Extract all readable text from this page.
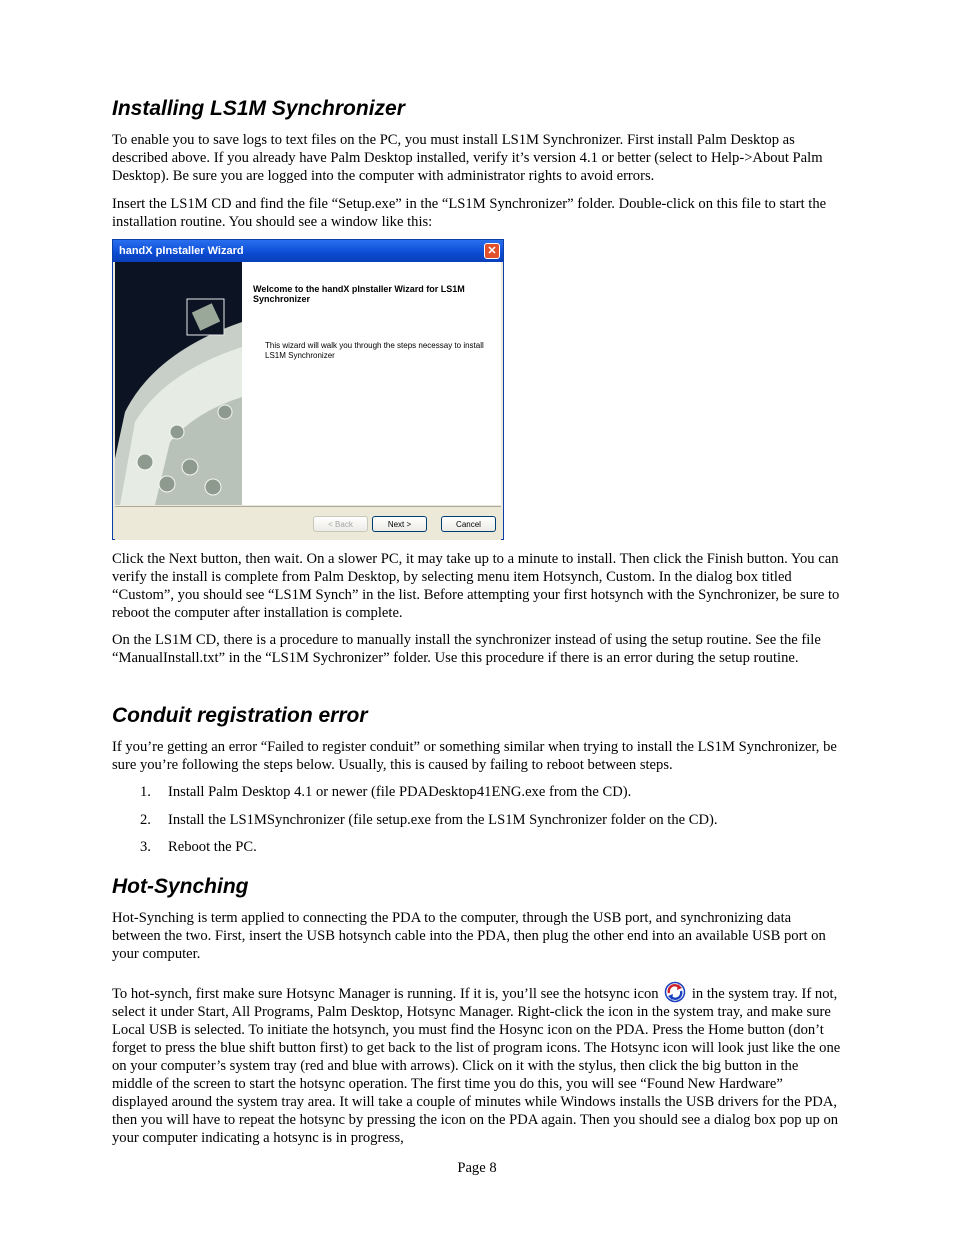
Installing LS1M Synchronizer

To enable you to save logs to text files on the PC, you must install LS1M Synchronizer. First install Palm Desktop as described above. If you already have Palm Desktop installed, verify it’s version 4.1 or better (select to Help->About Palm Desktop). Be sure you are logged into the computer with administrator rights to avoid errors.

Insert the LS1M CD and find the file “Setup.exe” in the “LS1M Synchronizer” folder. Double-click on this file to start the installation routine. You should see a window like this:

handX pInstaller Wizard	✕
Welcome to the handX pInstaller Wizard for LS1M Synchronizer
This wizard will walk you through the steps necessay to install LS1M Synchronizer
< Back	Next >	Cancel

Click the Next button, then wait. On a slower PC, it may take up to a minute to install. Then click the Finish button. You can verify the install is complete from Palm Desktop, by selecting menu item Hotsynch, Custom. In the dialog box titled “Custom”, you should see “LS1M Synch” in the list. Before attempting your first hotsynch with the Synchronizer, be sure to reboot the computer after installation is complete.

On the LS1M CD, there is a procedure to manually install the synchronizer instead of using the setup routine. See the file “ManualInstall.txt” in the “LS1M Sychronizer” folder. Use this procedure if there is an error during the setup routine.

Conduit registration error

If you’re getting an error “Failed to register conduit” or something similar when trying to install the LS1M Synchronizer, be sure you’re following the steps below. Usually, this is caused by failing to reboot between steps.

1. Install Palm Desktop 4.1 or newer (file PDADesktop41ENG.exe from the CD).
2. Install the LS1MSynchronizer (file setup.exe from the LS1M Synchronizer folder on the CD).
3. Reboot the PC.
Hot-Synching

Hot-Synching is term applied to connecting the PDA to the computer, through the USB port, and synchronizing data between the two. First, insert the USB hotsynch cable into the PDA, then plug the other end into an available USB port on your computer.

To hot-synch, first make sure Hotsync Manager is running. If it is, you’ll see the hotsync icon in the system tray. If not, select it under Start, All Programs, Palm Desktop, Hotsync Manager. Right-click the icon in the system tray, and make sure Local USB is selected. To initiate the hotsynch, you must find the Hosync icon on the PDA. Press the Home button (don’t forget to press the blue shift button first) to get back to the list of program icons. The Hotsync icon will look just like the one on your computer’s system tray (red and blue with arrows). Click on it with the stylus, then click the big button in the middle of the screen to start the hotsync operation. The first time you do this, you will see “Found New Hardware” displayed around the system tray area. It will take a couple of minutes while Windows installs the USB drivers for the PDA, then you will have to repeat the hotsync by pressing the icon on the PDA again. Then you should see a dialog box pop up on your computer indicating a hotsync is in progress,

Page 8
